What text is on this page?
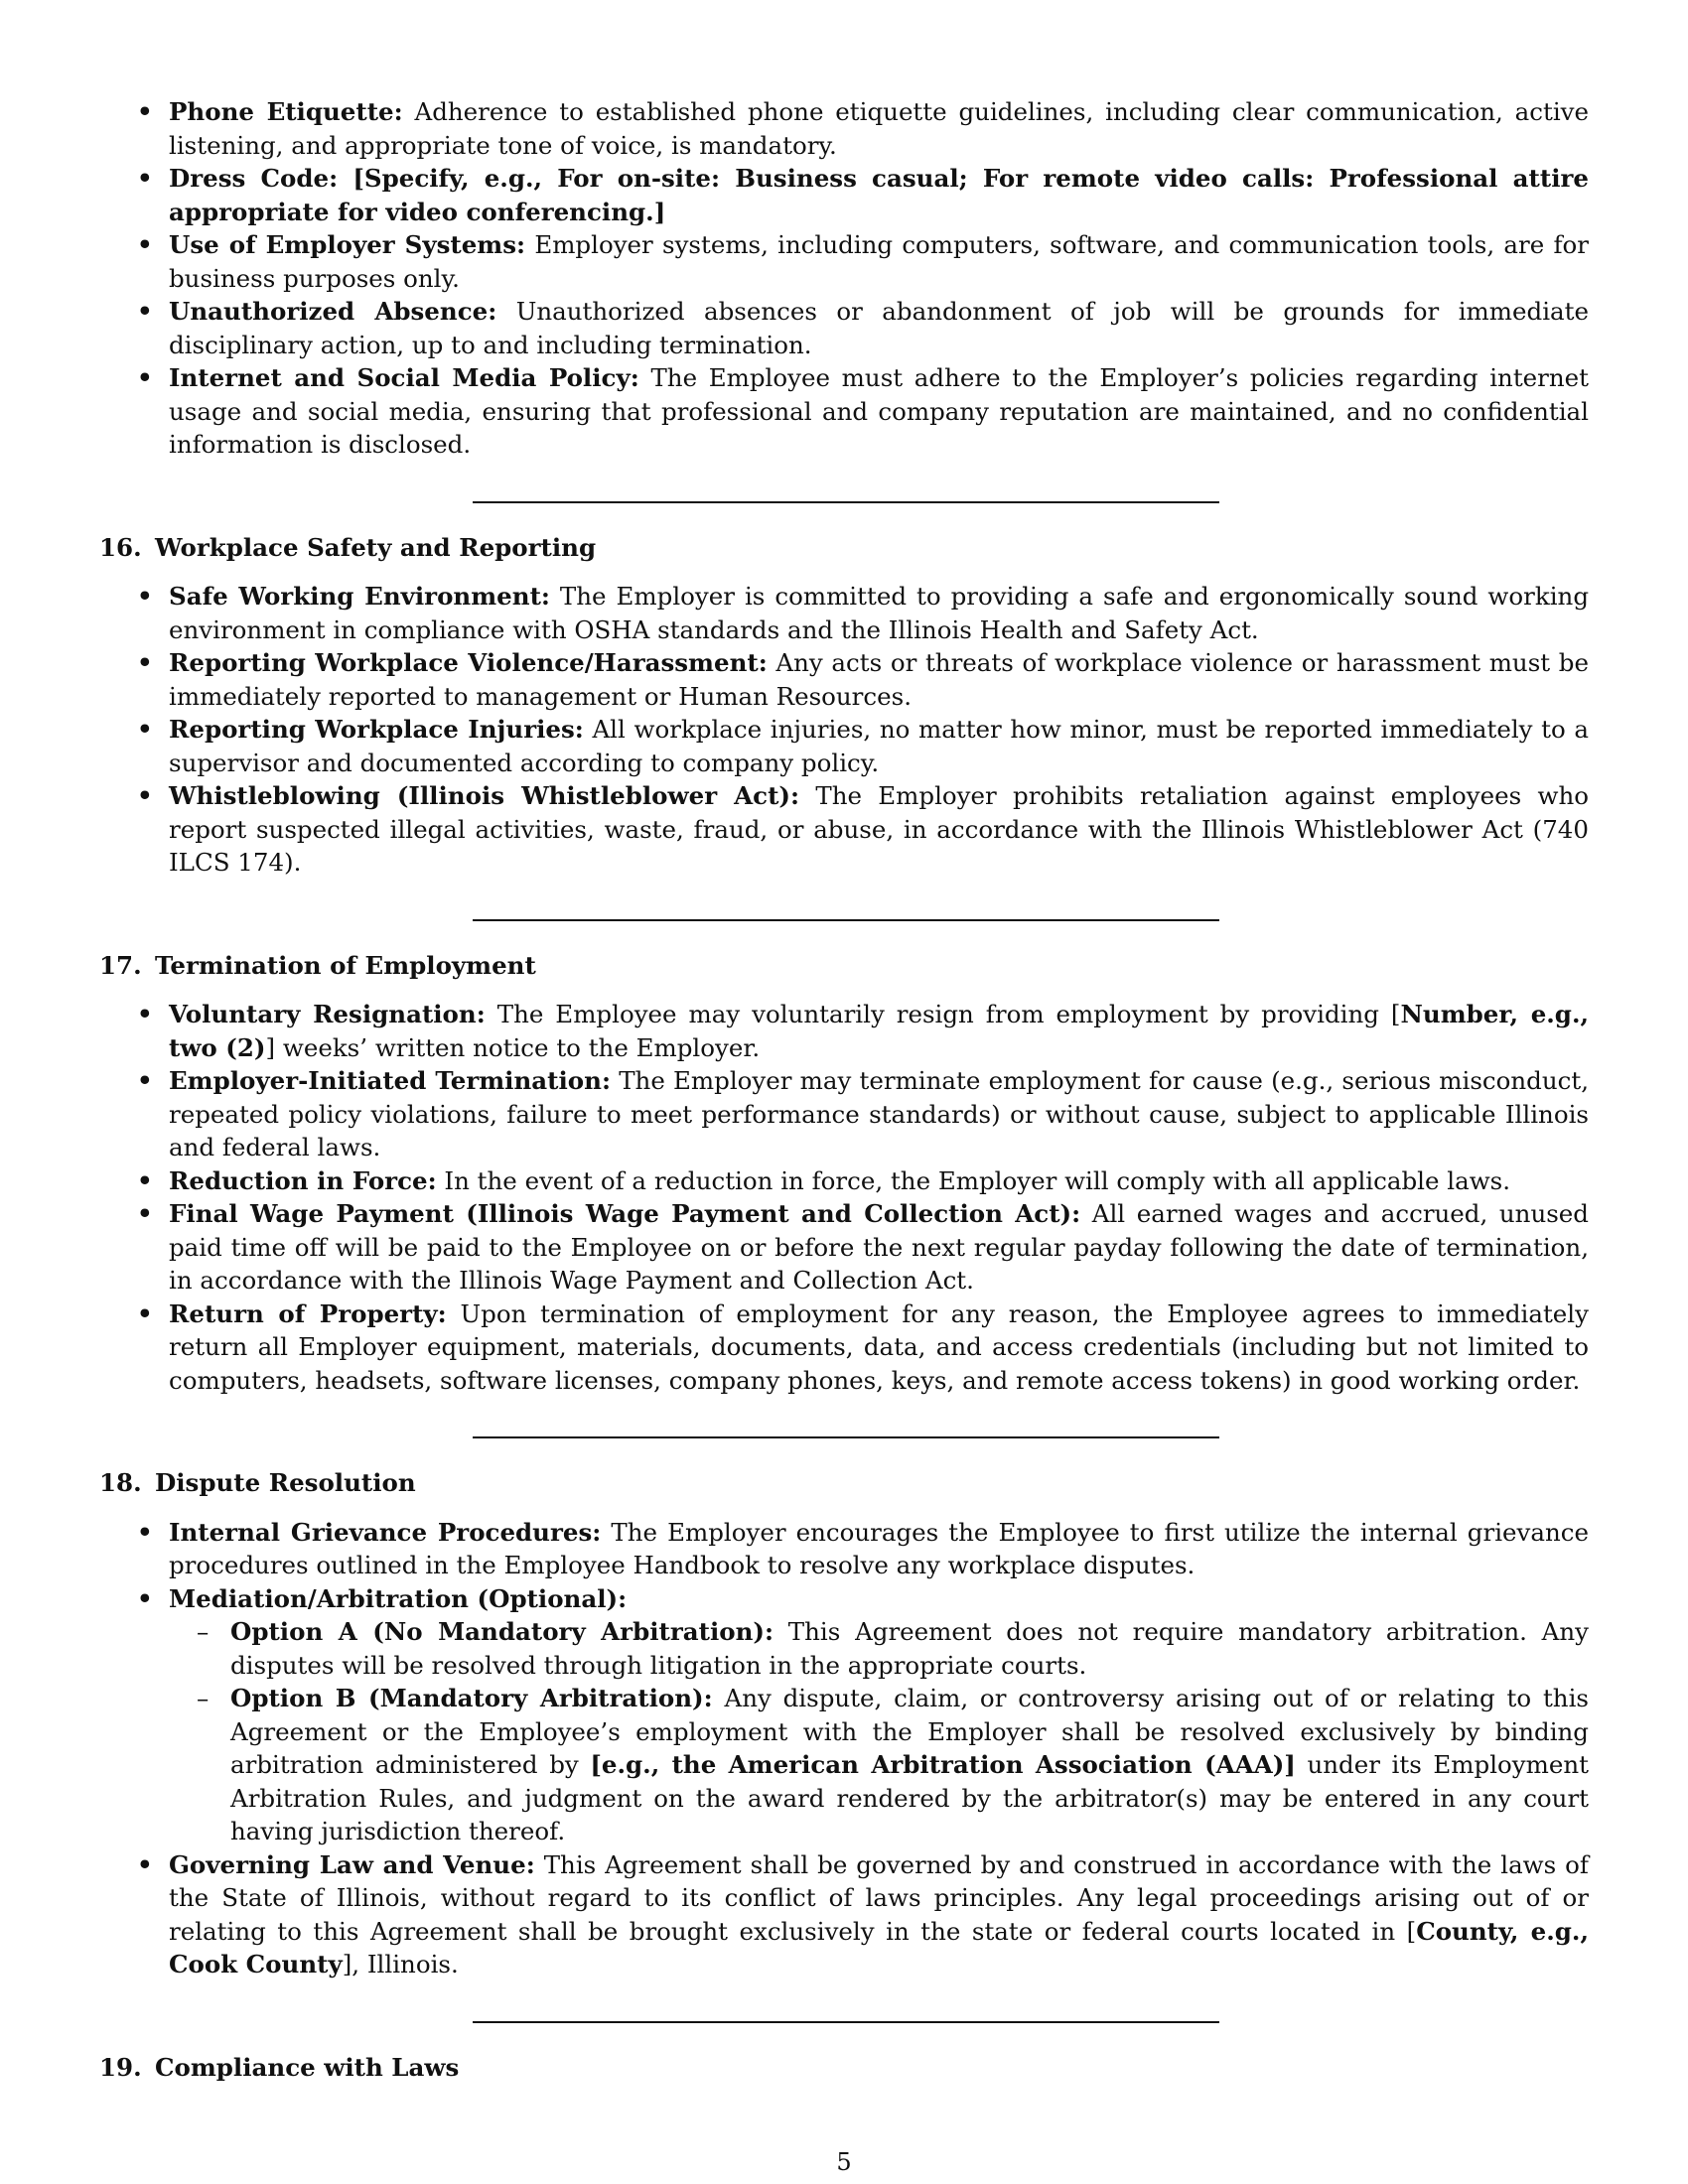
• Phone Etiquette: Adherence to established phone etiquette guidelines, including clear communication, active listening, and appropriate tone of voice, is mandatory.
• Dress Code: [Specify, e.g., For on-site: Business casual; For remote video calls: Professional attire appropriate for video conferencing.]
• Use of Employer Systems: Employer systems, including computers, software, and communication tools, are for business purposes only.
• Unauthorized Absence: Unauthorized absences or abandonment of job will be grounds for immediate disciplinary action, up to and including termination.
• Internet and Social Media Policy: The Employee must adhere to the Employer’s policies regarding internet usage and social media, ensuring that professional and company reputation are maintained, and no confidential information is disclosed.
16. Workplace Safety and Reporting
• Safe Working Environment: The Employer is committed to providing a safe and ergonomically sound working environment in compliance with OSHA standards and the Illinois Health and Safety Act.
• Reporting Workplace Violence/Harassment: Any acts or threats of workplace violence or harassment must be immediately reported to management or Human Resources.
• Reporting Workplace Injuries: All workplace injuries, no matter how minor, must be reported immediately to a supervisor and documented according to company policy.
• Whistleblowing (Illinois Whistleblower Act): The Employer prohibits retaliation against employees who report suspected illegal activities, waste, fraud, or abuse, in accordance with the Illinois Whistleblower Act (740 ILCS 174).
17. Termination of Employment
• Voluntary Resignation: The Employee may voluntarily resign from employment by providing [Number, e.g., two (2)] weeks’ written notice to the Employer.
• Employer-Initiated Termination: The Employer may terminate employment for cause (e.g., serious misconduct, repeated policy violations, failure to meet performance standards) or without cause, subject to applicable Illinois and federal laws.
• Reduction in Force: In the event of a reduction in force, the Employer will comply with all applicable laws.
• Final Wage Payment (Illinois Wage Payment and Collection Act): All earned wages and accrued, unused paid time off will be paid to the Employee on or before the next regular payday following the date of termination, in accordance with the Illinois Wage Payment and Collection Act.
• Return of Property: Upon termination of employment for any reason, the Employee agrees to immediately return all Employer equipment, materials, documents, data, and access credentials (including but not limited to computers, headsets, software licenses, company phones, keys, and remote access tokens) in good working order.
18. Dispute Resolution
• Internal Grievance Procedures: The Employer encourages the Employee to first utilize the internal grievance procedures outlined in the Employee Handbook to resolve any workplace disputes.
• Mediation/Arbitration (Optional):
– Option A (No Mandatory Arbitration): This Agreement does not require mandatory arbitration. Any disputes will be resolved through litigation in the appropriate courts.
– Option B (Mandatory Arbitration): Any dispute, claim, or controversy arising out of or relating to this Agreement or the Employee’s employment with the Employer shall be resolved exclusively by binding arbitration administered by [e.g., the American Arbitration Association (AAA)] under its Employment Arbitration Rules, and judgment on the award rendered by the arbitrator(s) may be entered in any court having jurisdiction thereof.
• Governing Law and Venue: This Agreement shall be governed by and construed in accordance with the laws of the State of Illinois, without regard to its conflict of laws principles. Any legal proceedings arising out of or relating to this Agreement shall be brought exclusively in the state or federal courts located in [County, e.g., Cook County], Illinois.
19. Compliance with Laws
5
